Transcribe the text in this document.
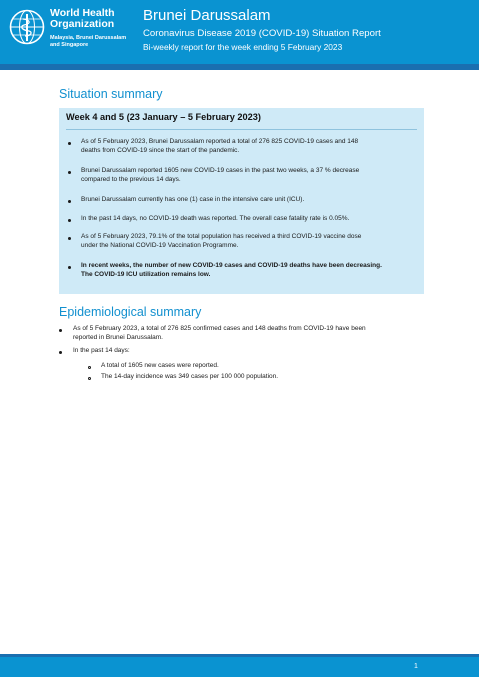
World Health
Organization
Malaysia, Brunei Darussalam
and Singapore
Brunei Darussalam
Coronavirus Disease 2019 (COVID-19) Situation Report
Bi-weekly report for the week ending 5 February 2023
Situation summary
Week 4 and 5 (23 January – 5 February 2023)
As of 5 February 2023, Brunei Darussalam reported a total of 276 825 COVID-19 cases and 148
deaths from COVID-19 since the start of the pandemic.
Brunei Darussalam reported 1605 new COVID-19 cases in the past two weeks, a 37 % decrease
compared to the previous 14 days.
Brunei Darussalam currently has one (1) case in the intensive care unit (ICU).
In the past 14 days, no COVID-19 death was reported. The overall case fatality rate is 0.05%.
As of 5 February 2023, 79.1% of the total population has received a third COVID-19 vaccine dose
under the National COVID-19 Vaccination Programme.
In recent weeks, the number of new COVID-19 cases and COVID-19 deaths have been decreasing.
The COVID-19 ICU utilization remains low.
Epidemiological summary
As of 5 February 2023, a total of 276 825 confirmed cases and 148 deaths from COVID-19 have been
reported in Brunei Darussalam.
In the past 14 days:
A total of 1605 new cases were reported.
The 14-day incidence was 349 cases per 100 000 population.
1
